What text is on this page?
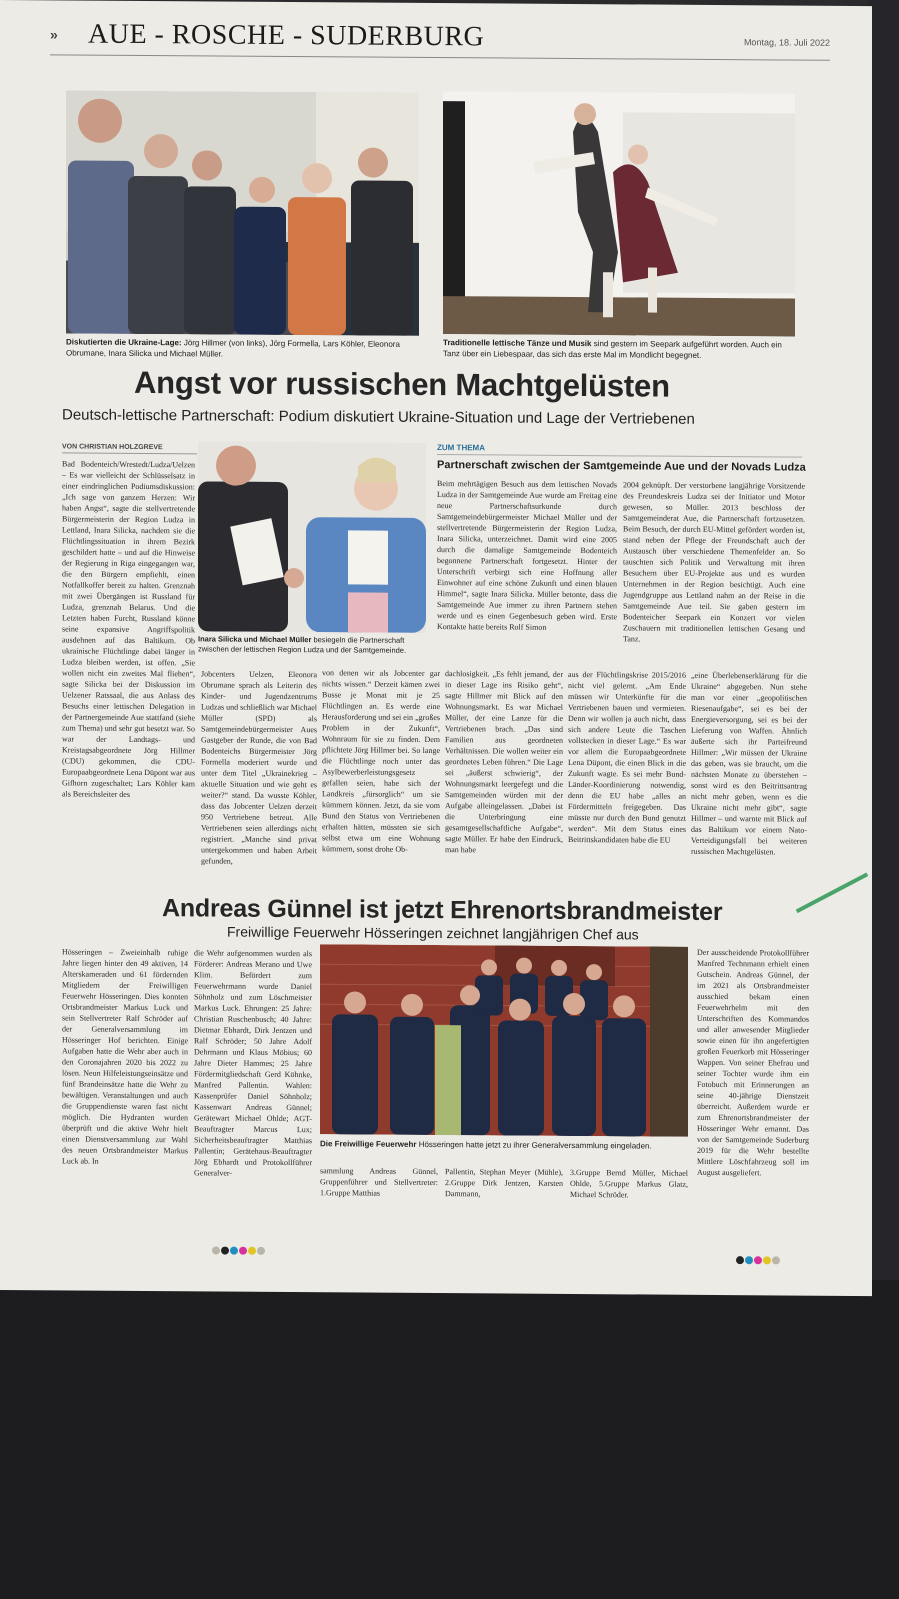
» AUE - ROSCHE - SUDERBURG	Montag, 18. Juli 2022
Diskutierten die Ukraine-Lage: Jörg Hillmer (von links), Jörg Formella, Lars Köhler, Eleonora Obrumane, Inara Silicka und Michael Müller.
Traditionelle lettische Tänze und Musik sind gestern im Seepark aufgeführt worden. Auch ein Tanz über ein Liebespaar, das sich das erste Mal im Mondlicht begegnet.
Angst vor russischen Machtgelüsten
Deutsch-lettische Partnerschaft: Podium diskutiert Ukraine-Situation und Lage der Vertriebenen
VON CHRISTIAN HOLZGREVE
Bad Bodenteich/Wrestedt/Ludza/Uelzen – Es war vielleicht der Schlüsselsatz in einer eindringlichen Podiumsdiskussion: „Ich sage von ganzem Herzen: Wir haben Angst“, sagte die stellvertretende Bürgermeisterin der Region Ludza in Lettland, Inara Silicka, nachdem sie die Flüchtlingssituation in ihrem Bezirk geschildert hatte – und auf die Hinweise der Regierung in Riga eingegangen war, die den Bürgern empfiehlt, einen Notfallkoffer bereit zu halten. Grenznah mit zwei Übergängen ist Russland für Ludza, grenznah Belarus. Und die Letzten haben Furcht, Russland könne seine expansive Angriffspolitik ausdehnen auf das Baltikum. Ob ukrainische Flüchtlinge dabei länger in Ludza bleiben werden, ist offen. „Sie wollen nicht ein zweites Mal fliehen“, sagte Silicka bei der Diskussion im Uelzener Ratssaal, die aus Anlass des Besuchs einer lettischen Delegation in der Partnergemeinde Aue stattfand (siehe zum Thema) und sehr gut besetzt war. So war der Landtags- und Kreistagsabgeordnete Jörg Hillmer (CDU) gekommen, die CDU-Europaabgeordnete Lena Düpont war aus Gifhorn zugeschaltet; Lars Köhler kam als Bereichsleiter des
Inara Silicka und Michael Müller besiegeln die Partnerschaft zwischen der lettischen Region Ludza und der Samtgemeinde.
ZUM THEMA
Partnerschaft zwischen der Samtgemeinde Aue und der Novads Ludza
Beim mehrtägigen Besuch aus dem lettischen Novads Ludza in der Samtgemeinde Aue wurde am Freitag eine neue Partnerschaftsurkunde durch Samtgemeindebürgermeister Michael Müller und der stellvertretende Bürgermeisterin der Region Ludza, Inara Silicka, unterzeichnet. Damit wird eine 2005 durch die damalige Samtgemeinde Bodenteich begonnene Partnerschaft fortgesetzt. Hinter der Unterschrift verbirgt sich eine Hoffnung aller Einwohner auf eine schöne Zukunft und einen blauen Himmel“, sagte Inara Silicka. Müller betonte, dass die Samtgemeinde Aue immer zu ihren Partnern stehen werde und es einen Gegenbesuch geben wird. Erste Kontakte hatte bereits Rolf Simon
2004 geknüpft. Der verstorbene langjährige Vorsitzende des Freundeskreis Ludza sei der Initiator und Motor gewesen, so Müller. 2013 beschloss der Samtgemeinderat Aue, die Partnerschaft fortzusetzen. Beim Besuch, der durch EU-Mittel gefördert worden ist, stand neben der Pflege der Freundschaft auch der Austausch über verschiedene Themenfelder an. So tauschten sich Politik und Verwaltung mit ihren Besuchern über EU-Projekte aus und es wurden Unternehmen in der Region besichtigt. Auch eine Jugendgruppe aus Lettland nahm an der Reise in die Samtgemeinde Aue teil. Sie gaben gestern im Bodenteicher Seepark ein Konzert vor vielen Zuschauern mit traditionellen lettischen Gesang und Tanz.
Jobcenters Uelzen, Eleonora Obrumane sprach als Leiterin des Kinder- und Jugendzentrums Ludzas und schließlich war Michael Müller (SPD) als Samtgemeindebürgermeister Aues Gastgeber der Runde, die von Bad Bodenteichs Bürgermeister Jörg Formella moderiert wurde und unter dem Titel „Ukrainekrieg – aktuelle Situation und wie geht es weiter?“ stand. Da wusste Köhler, dass das Jobcenter Uelzen derzeit 950 Vertriebene betreut. Alle Vertriebenen seien allerdings nicht registriert. „Manche sind privat untergekommen und haben Arbeit gefunden,
von denen wir als Jobcenter gar nichts wissen.“ Derzeit kämen zwei Busse je Monat mit je 25 Flüchtlingen an. Es werde eine Herausforderung und sei ein „großes Problem in der Zukunft“, Wohnraum für sie zu finden. Dem pflichtete Jörg Hillmer bei. So lange die Flüchtlinge noch unter das Asylbewerberleistungsgesetz gefallen seien, habe sich der Landkreis „fürsorglich“ um sie kümmern können. Jetzt, da sie vom Bund den Status von Vertriebenen erhalten hätten, müssten sie sich selbst etwa um eine Wohnung kümmern, sonst drohe Ob-
dachlosigkeit. „Es fehlt jemand, der in dieser Lage ins Risiko geht“, sagte Hillmer mit Blick auf den Wohnungsmarkt. Es war Michael Müller, der eine Lanze für die Vertriebenen brach. „Das sind Familien aus geordneten Verhältnissen. Die wollen weiter ein geordnetes Leben führen.“ Die Lage sei „äußerst schwierig“, der Wohnungsmarkt leergefegt und die Samtgemeinden würden mit der Aufgabe alleingelassen. „Dabei ist die Unterbringung eine gesamtgesellschaftliche Aufgabe“, sagte Müller. Er habe den Eindruck, man habe
aus der Flüchtlingskrise 2015/2016 nicht viel gelernt. „Am Ende müssen wir Unterkünfte für die Vertriebenen bauen und vermieten. Denn wir wollen ja auch nicht, dass sich andere Leute die Taschen vollstecken in dieser Lage.“ Es war vor allem die Europaabgeordnete Lena Düpont, die einen Blick in die Zukunft wagte. Es sei mehr Bund-Länder-Koordinierung notwendig, denn die EU habe „alles an Fördermitteln freigegeben. Das müsste nur durch den Bund genutzt werden“. Mit dem Status eines Beitrittskandidaten habe die EU
„eine Überlebenserklärung für die Ukraine“ abgegeben. Nun stehe man vor einer „geopolitischen Riesenaufgabe“, sei es bei der Energieversorgung, sei es bei der Lieferung von Waffen. Ähnlich äußerte sich ihr Parteifreund Hillmer: „Wir müssen der Ukraine das geben, was sie braucht, um die nächsten Monate zu überstehen – sonst wird es den Beitrittsantrag nicht mehr geben, wenn es die Ukraine nicht mehr gibt“, sagte Hillmer – und warnte mit Blick auf das Baltikum vor einem Nato-Verteidigungsfall bei weiteren russischen Machtgelüsten.
Andreas Günnel ist jetzt Ehrenortsbrandmeister
Freiwillige Feuerwehr Hösseringen zeichnet langjährigen Chef aus
Hösseringen – Zweieinhalb ruhige Jahre liegen hinter den 49 aktiven, 14 Alterskameraden und 61 fördernden Mitgliedern der Freiwilligen Feuerwehr Hösseringen. Dies konnten Ortsbrandmeister Markus Luck und sein Stellvertreter Ralf Schröder auf der Generalversammlung im Hösseringer Hof berichten. Einige Aufgaben hatte die Wehr aber auch in den Coronajahren 2020 bis 2022 zu lösen. Neun Hilfeleistungseinsätze und fünf Brandeinsätze hatte die Wehr zu bewältigen. Veranstaltungen und auch die Gruppendienste waren fast nicht möglich. Die Hydranten wurden überprüft und die aktive Wehr hielt einen Dienstversammlung zur Wahl des neuen Ortsbrandmeister Markus Luck ab. In
die Wehr aufgenommen wurden als Förderer: Andreas Merano und Uwe Klim. Befördert zum Feuerwehrmann wurde Daniel Söhnholz und zum Löschmeister Markus Luck. Ehrungen: 25 Jahre: Christian Ruschenbusch; 40 Jahre: Dietmar Ebhardt, Dirk Jentzen und Ralf Schröder; 50 Jahre Adolf Dehrmann und Klaus Möbius; 60 Jahre Dieter Hammes; 25 Jahre Fördermitgliedschaft Gerd Köhnke, Manfred Pallentin. Wahlen: Kassenprüfer Daniel Söhnholz; Kassenwart Andreas Günnel; Gerätewart Michael Ohlde; AGT-Beauftragter Marcus Lux; Sicherheitsbeauftragter Matthias Pallentin; Gerätehaus-Beauftragter Jörg Ebhardt und Protokollführer Generalver-
Die Freiwillige Feuerwehr Hösseringen hatte jetzt zu ihrer Generalversammlung eingeladen.
sammlung Andreas Günnel, Gruppenführer und Stellvertreter: 1.Gruppe Matthias
Pallentin, Stephan Meyer (Mühle), 2.Gruppe Dirk Jentzen, Karsten Dammann,
3.Gruppe Bernd Müller, Michael Ohlde, 5.Gruppe Markus Glatz, Michael Schröder.
Der ausscheidende Protokollführer Manfred Technmann erhielt einen Gutschein. Andreas Günnel, der im 2021 als Ortsbrandmeister ausschied bekam einen Feuerwehrhelm mit den Unterschriften des Kommandos und aller anwesender Mitglieder sowie einen für ihn angefertigten großen Feuerkorb mit Hösseringer Wappen. Von seiner Ehefrau und seiner Tochter wurde ihm ein Fotobuch mit Erinnerungen an seine 40-jährige Dienstzeit überreicht. Außerdem wurde er zum Ehrenortsbrandmeister der Hösseringer Wehr ernannt. Das von der Samtgemeinde Suderburg 2019 für die Wehr bestellte Mittlere Löschfahrzeug soll im August ausgeliefert.
